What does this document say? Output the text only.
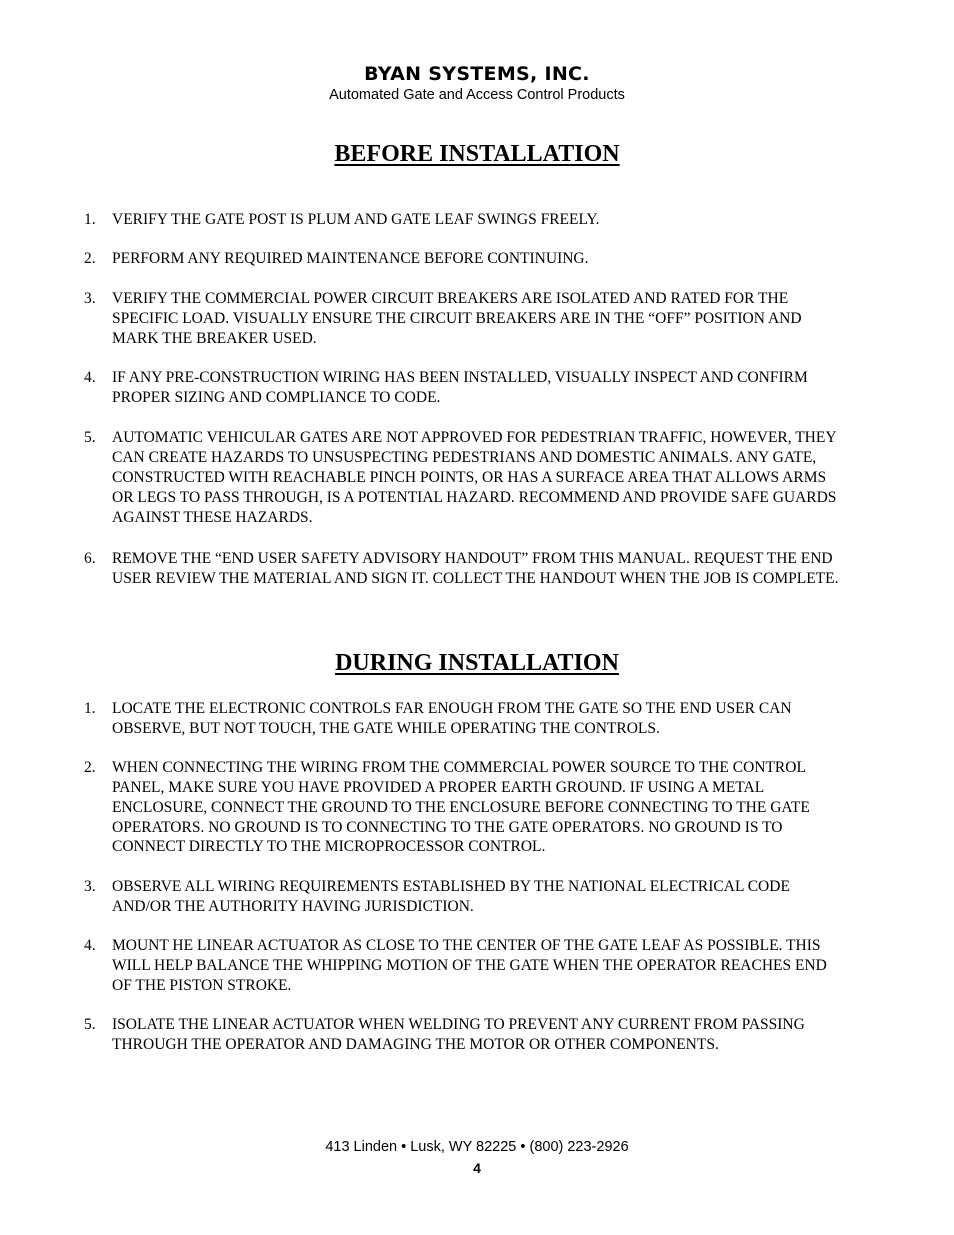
BYAN SYSTEMS, INC.
Automated Gate and Access Control Products
BEFORE INSTALLATION
1. VERIFY THE GATE POST IS PLUM AND GATE LEAF SWINGS FREELY.
2. PERFORM ANY REQUIRED MAINTENANCE BEFORE CONTINUING.
3. VERIFY THE COMMERCIAL POWER CIRCUIT BREAKERS ARE ISOLATED AND RATED FOR THE SPECIFIC LOAD. VISUALLY ENSURE THE CIRCUIT BREAKERS ARE IN THE “OFF” POSITION AND MARK THE BREAKER USED.
4. IF ANY PRE-CONSTRUCTION WIRING HAS BEEN INSTALLED, VISUALLY INSPECT AND CONFIRM PROPER SIZING AND COMPLIANCE TO CODE.
5. AUTOMATIC VEHICULAR GATES ARE NOT APPROVED FOR PEDESTRIAN TRAFFIC, HOWEVER, THEY CAN CREATE HAZARDS TO UNSUSPECTING PEDESTRIANS AND DOMESTIC ANIMALS. ANY GATE, CONSTRUCTED WITH REACHABLE PINCH POINTS, OR HAS A SURFACE AREA THAT ALLOWS ARMS OR LEGS TO PASS THROUGH, IS A POTENTIAL HAZARD. RECOMMEND AND PROVIDE SAFE GUARDS AGAINST THESE HAZARDS.
6. REMOVE THE “END USER SAFETY ADVISORY HANDOUT” FROM THIS MANUAL. REQUEST THE END USER REVIEW THE MATERIAL AND SIGN IT. COLLECT THE HANDOUT WHEN THE JOB IS COMPLETE.
DURING INSTALLATION
1. LOCATE THE ELECTRONIC CONTROLS FAR ENOUGH FROM THE GATE SO THE END USER CAN OBSERVE, BUT NOT TOUCH, THE GATE WHILE OPERATING THE CONTROLS.
2. WHEN CONNECTING THE WIRING FROM THE COMMERCIAL POWER SOURCE TO THE CONTROL PANEL, MAKE SURE YOU HAVE PROVIDED A PROPER EARTH GROUND. IF USING A METAL ENCLOSURE, CONNECT THE GROUND TO THE ENCLOSURE BEFORE CONNECTING TO THE GATE OPERATORS. NO GROUND IS TO CONNECTING TO THE GATE OPERATORS. NO GROUND IS TO CONNECT DIRECTLY TO THE MICROPROCESSOR CONTROL.
3. OBSERVE ALL WIRING REQUIREMENTS ESTABLISHED BY THE NATIONAL ELECTRICAL CODE AND/OR THE AUTHORITY HAVING JURISDICTION.
4. MOUNT HE LINEAR ACTUATOR AS CLOSE TO THE CENTER OF THE GATE LEAF AS POSSIBLE. THIS WILL HELP BALANCE THE WHIPPING MOTION OF THE GATE WHEN THE OPERATOR REACHES END OF THE PISTON STROKE.
5. ISOLATE THE LINEAR ACTUATOR WHEN WELDING TO PREVENT ANY CURRENT FROM PASSING THROUGH THE OPERATOR AND DAMAGING THE MOTOR OR OTHER COMPONENTS.
413 Linden • Lusk, WY 82225 • (800) 223-2926
4
